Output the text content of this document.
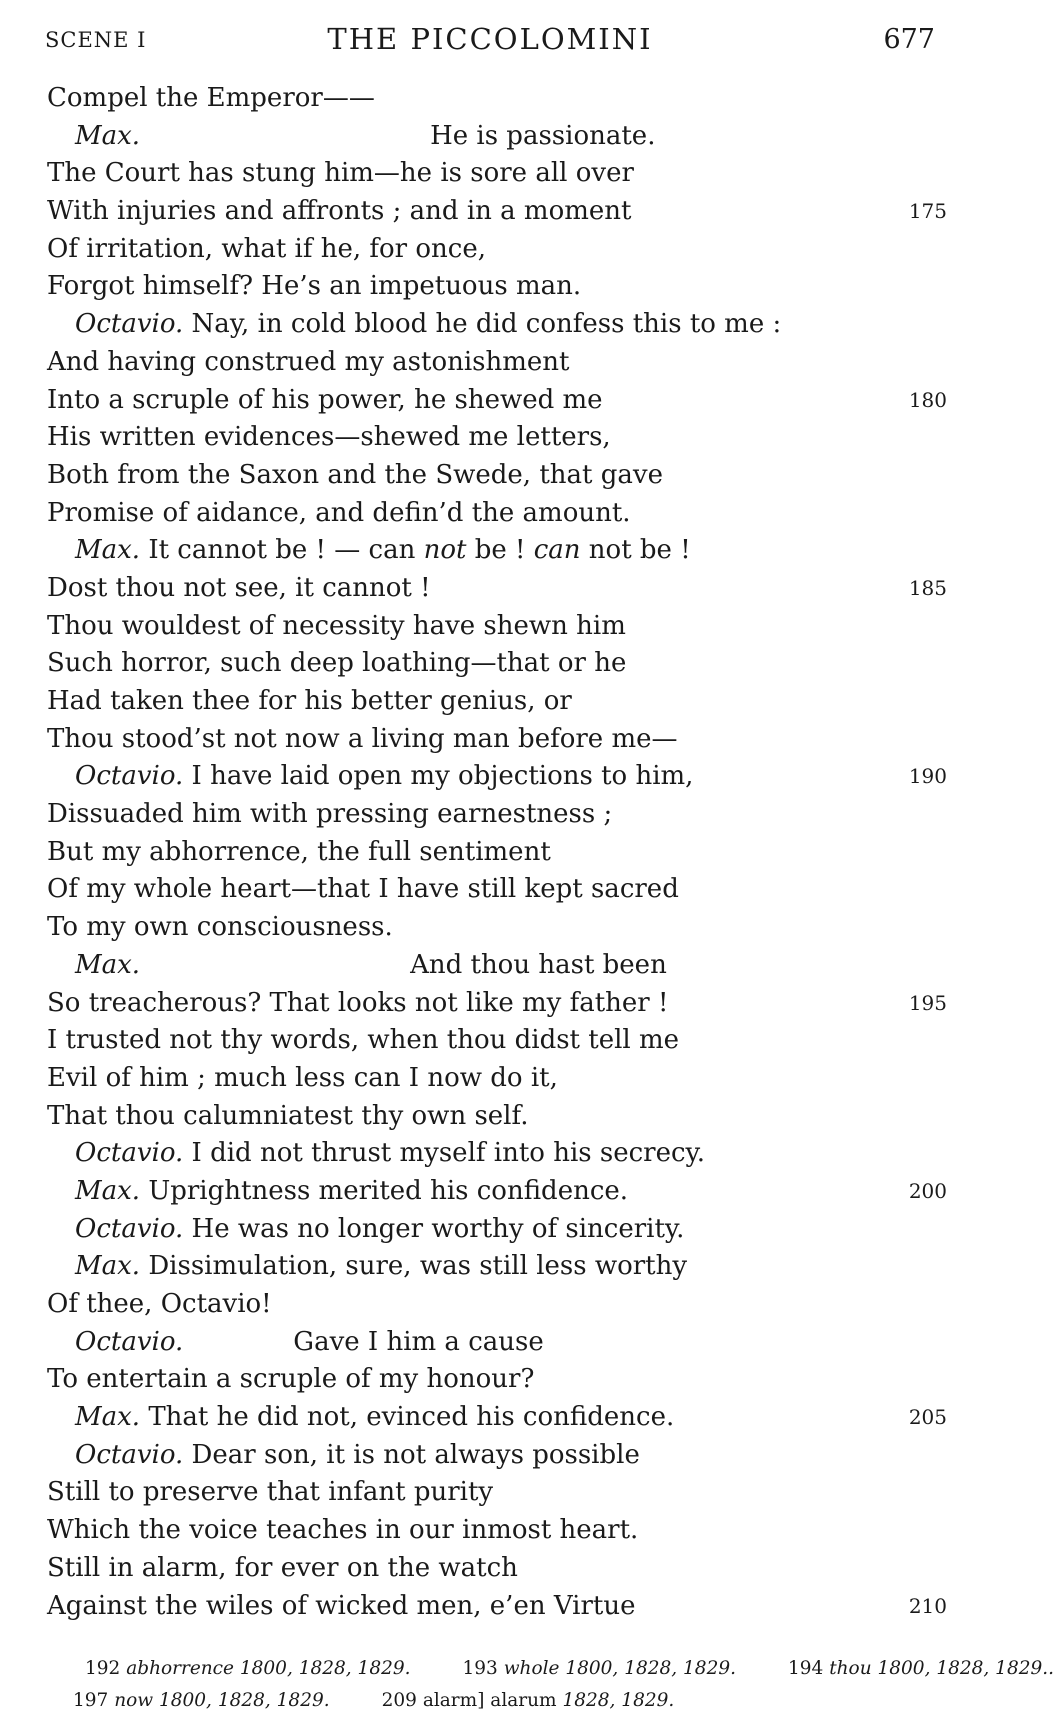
SCENE I	THE PICCOLOMINI	677
Compel the Emperor——
Max.	He is passionate.
The Court has stung him—he is sore all over
With injuries and affronts ; and in a moment	175
Of irritation, what if he, for once,
Forgot himself? He’s an impetuous man.
Octavio. Nay, in cold blood he did confess this to me :
And having construed my astonishment
Into a scruple of his power, he shewed me	180
His written evidences—shewed me letters,
Both from the Saxon and the Swede, that gave
Promise of aidance, and defin’d the amount.
Max. It cannot be ! — can not be ! can not be !
Dost thou not see, it cannot !	185
Thou wouldest of necessity have shewn him
Such horror, such deep loathing—that or he
Had taken thee for his better genius, or
Thou stood’st not now a living man before me—
Octavio. I have laid open my objections to him,	190
Dissuaded him with pressing earnestness ;
But my abhorrence, the full sentiment
Of my whole heart—that I have still kept sacred
To my own consciousness.
Max.	And thou hast been
So treacherous? That looks not like my father !	195
I trusted not thy words, when thou didst tell me
Evil of him ; much less can I now do it,
That thou calumniatest thy own self.
Octavio. I did not thrust myself into his secrecy.
Max. Uprightness merited his confidence.	200
Octavio. He was no longer worthy of sincerity.
Max. Dissimulation, sure, was still less worthy
Of thee, Octavio!
Octavio.	Gave I him a cause
To entertain a scruple of my honour?
Max. That he did not, evinced his confidence.	205
Octavio. Dear son, it is not always possible
Still to preserve that infant purity
Which the voice teaches in our inmost heart.
Still in alarm, for ever on the watch
Against the wiles of wicked men, e’en Virtue	210
192 abhorrence 1800, 1828, 1829.	193 whole 1800, 1828, 1829.	194 thou 1800, 1828, 1829..
197 now 1800, 1828, 1829.	209 alarm] alarum 1828, 1829.
